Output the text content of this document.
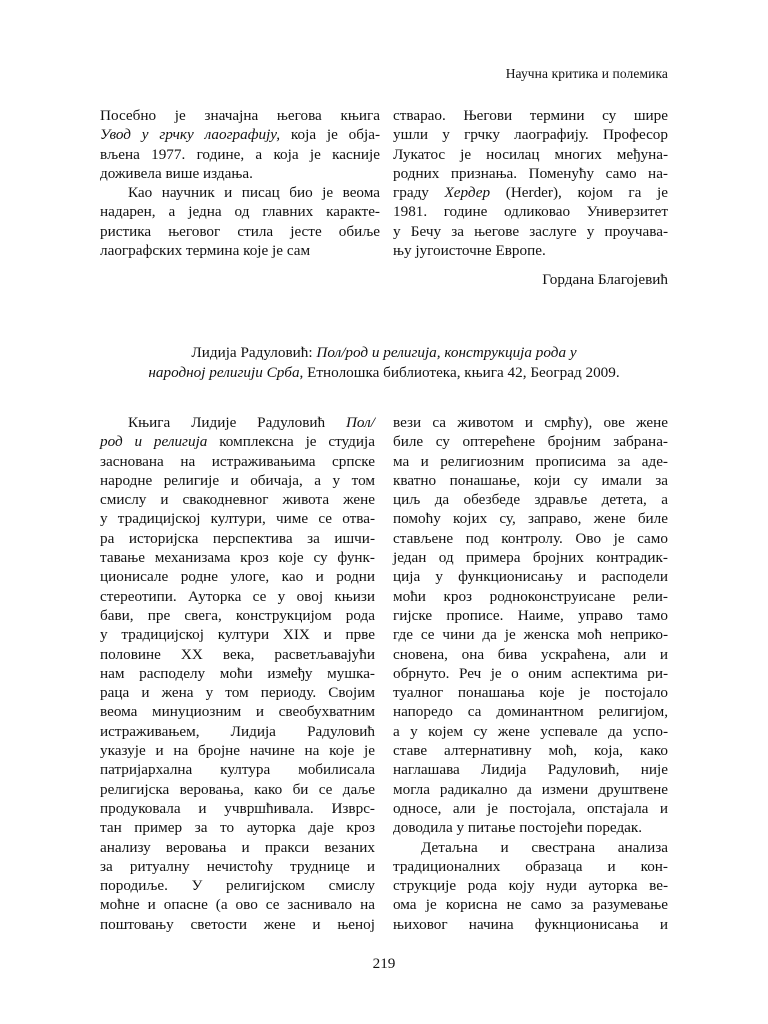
Научна критика и полемика
Посебно је значајна његова књига
Увод у грчку лаографију, која је обја-
вљена 1977. године, а која је касније
доживела више издања.
Као научник и писац био је веома
надарен, а једна од главних каракте-
ристика његовог стила јесте обиље
лаографских термина које је сам
стварао. Његови термини су шире
ушли у грчку лаографију. Професор
Лукатос је носилац многих међуна-
родних признања. Поменућу само на-
граду Хердер (Herder), којом га је
1981. године одликовао Универзитет
у Бечу за његове заслуге у проучава-
њу југоисточне Европе.
Гордана Благојевић
Лидија Радуловић: Пол/род и религија, конструкција рода у
народној религији Срба, Етнолошка библиотека, књига 42, Београд 2009.
Књига Лидије Радуловић Пол/
род и религија комплексна је студија
заснована на истраживањима српске
народне религије и обичаја, а у том
смислу и свакодневног живота жене
у традицијској култури, чиме се отва-
ра историјска перспектива за ишчи-
тавање механизама кроз које су функ-
ционисале родне улоге, као и родни
стереотипи. Ауторка се у овој књизи
бави, пре свега, конструкцијом рода
у традицијској култури XIX и прве
половине XX века, расветљавајући
нам расподелу моћи између мушка-
раца и жена у том периоду. Својим
веома минуциозним и свеобухватним
истраживањем, Лидија Радуловић
указује и на бројне начине на које је
патријархална култура мобилисала
религијска веровања, како би се даље
продуковала и учвршћивала. Изврс-
тан пример за то ауторка даје кроз
анализу веровања и пракси везаних
за ритуалну нечистоћу труднице и
породиље. У религијском смислу
моћне и опасне (а ово се заснивало на
поштовању светости жене и њеној
вези са животом и смрћу), ове жене
биле су оптерећене бројним забрана-
ма и религиозним прописима за аде-
кватно понашање, који су имали за
циљ да обезбеде здравље детета, а
помоћу којих су, заправо, жене биле
стављене под контролу. Ово је само
један од примера бројних контрадик-
ција у функционисању и расподели
моћи кроз родноконструисане рели-
гијске прописе. Наиме, управо тамо
где се чини да је женска моћ неприко-
сновена, она бива ускраћена, али и
обрнуто. Реч је о оним аспектима ри-
туалног понашања које је постојало
напоредо са доминантном религијом,
а у којем су жене успевале да успо-
ставе алтернативну моћ, која, како
наглашава Лидија Радуловић, није
могла радикално да измени друштвене
односе, али је постојала, опстајала и
доводила у питање постојећи поредак.
Детаљна и свестрана анализа
традиционалних образаца и кон-
струкције рода коју нуди ауторка ве-
ома је корисна не само за разумевање
њиховог начина фукнционисања и
219
